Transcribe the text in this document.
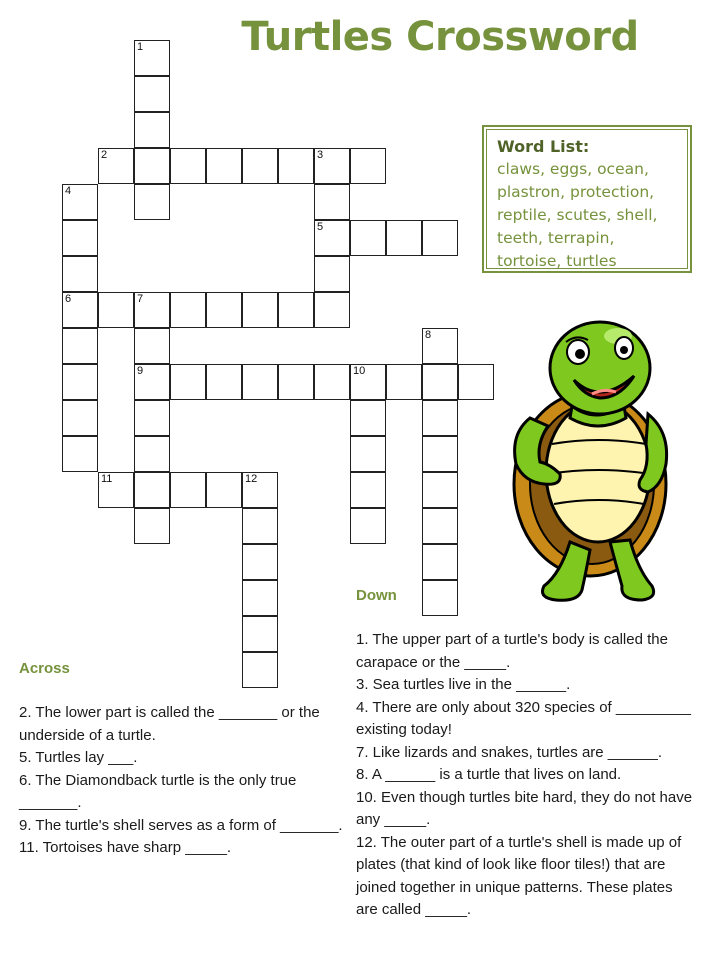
Turtles Crossword
1
2	3
5
4
6	7
9
8
10
11	12
Word List:
claws, eggs, ocean,
plastron, protection,
reptile, scutes, shell,
teeth, terrapin,
tortoise, turtles
Across
2. The lower part is called the _______ or the underside of a turtle.
5. Turtles lay ___.
6. The Diamondback turtle is the only true _______.
9. The turtle's shell serves as a form of _______.
11. Tortoises have sharp _____.
Down
1. The upper part of a turtle's body is called the carapace or the _____.
3. Sea turtles live in the ______.
4. There are only about 320 species of _________ existing today!
7. Like lizards and snakes, turtles are ______.
8. A ______ is a turtle that lives on land.
10. Even though turtles bite hard, they do not have any _____.
12. The outer part of a turtle's shell is made up of plates (that kind of look like floor tiles!) that are joined together in unique patterns. These plates are called _____.
